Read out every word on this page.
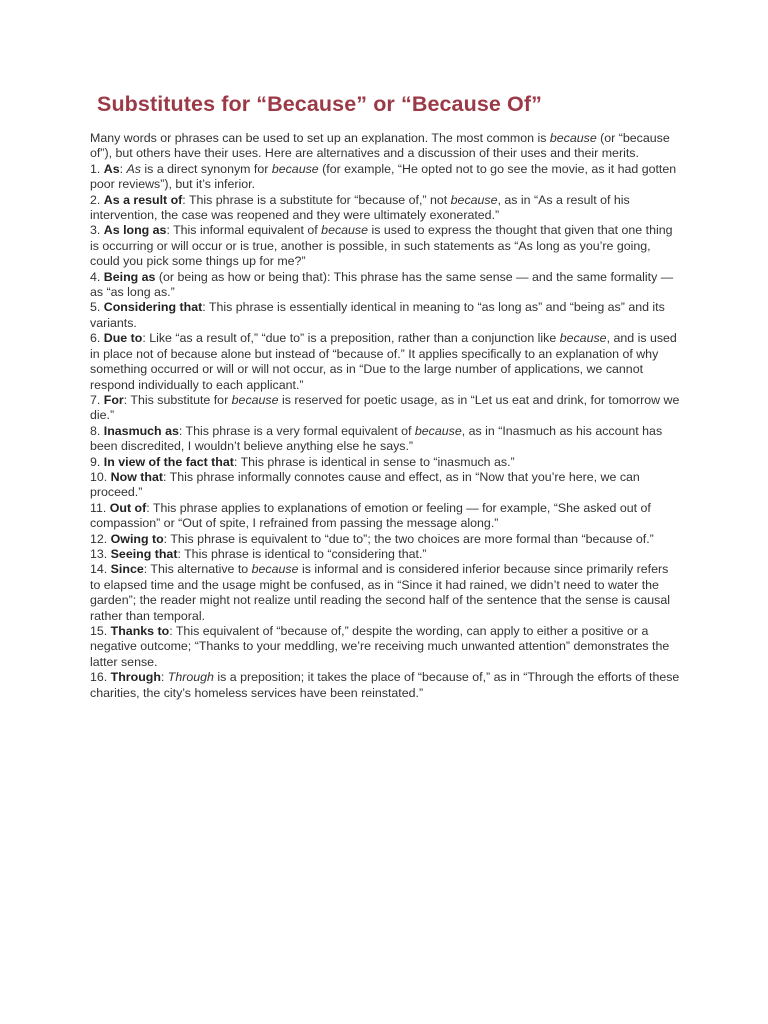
Substitutes for “Because” or “Because Of”

Many words or phrases can be used to set up an explanation. The most common is because (or “because of”), but others have their uses. Here are alternatives and a discussion of their uses and their merits.

1. As: As is a direct synonym for because (for example, “He opted not to go see the movie, as it had gotten poor reviews”), but it’s inferior.

2. As a result of: This phrase is a substitute for “because of,” not because, as in “As a result of his intervention, the case was reopened and they were ultimately exonerated.”

3. As long as: This informal equivalent of because is used to express the thought that given that one thing is occurring or will occur or is true, another is possible, in such statements as “As long as you’re going, could you pick some things up for me?”

4. Being as (or being as how or being that): This phrase has the same sense — and the same formality — as “as long as.”

5. Considering that: This phrase is essentially identical in meaning to “as long as” and “being as” and its variants.

6. Due to: Like “as a result of,” “due to” is a preposition, rather than a conjunction like because, and is used in place not of because alone but instead of “because of.” It applies specifically to an explanation of why something occurred or will or will not occur, as in “Due to the large number of applications, we cannot respond individually to each applicant.”

7. For: This substitute for because is reserved for poetic usage, as in “Let us eat and drink, for tomorrow we die.”

8. Inasmuch as: This phrase is a very formal equivalent of because, as in “Inasmuch as his account has been discredited, I wouldn’t believe anything else he says.”

9. In view of the fact that: This phrase is identical in sense to “inasmuch as.”

10. Now that: This phrase informally connotes cause and effect, as in “Now that you’re here, we can proceed.”

11. Out of: This phrase applies to explanations of emotion or feeling — for example, “She asked out of compassion” or “Out of spite, I refrained from passing the message along.”

12. Owing to: This phrase is equivalent to “due to”; the two choices are more formal than “because of.”

13. Seeing that: This phrase is identical to “considering that.”

14. Since: This alternative to because is informal and is considered inferior because since primarily refers to elapsed time and the usage might be confused, as in “Since it had rained, we didn’t need to water the garden”; the reader might not realize until reading the second half of the sentence that the sense is causal rather than temporal.

15. Thanks to: This equivalent of “because of,” despite the wording, can apply to either a positive or a negative outcome; “Thanks to your meddling, we’re receiving much unwanted attention” demonstrates the latter sense.

16. Through: Through is a preposition; it takes the place of “because of,” as in “Through the efforts of these charities, the city’s homeless services have been reinstated.”
